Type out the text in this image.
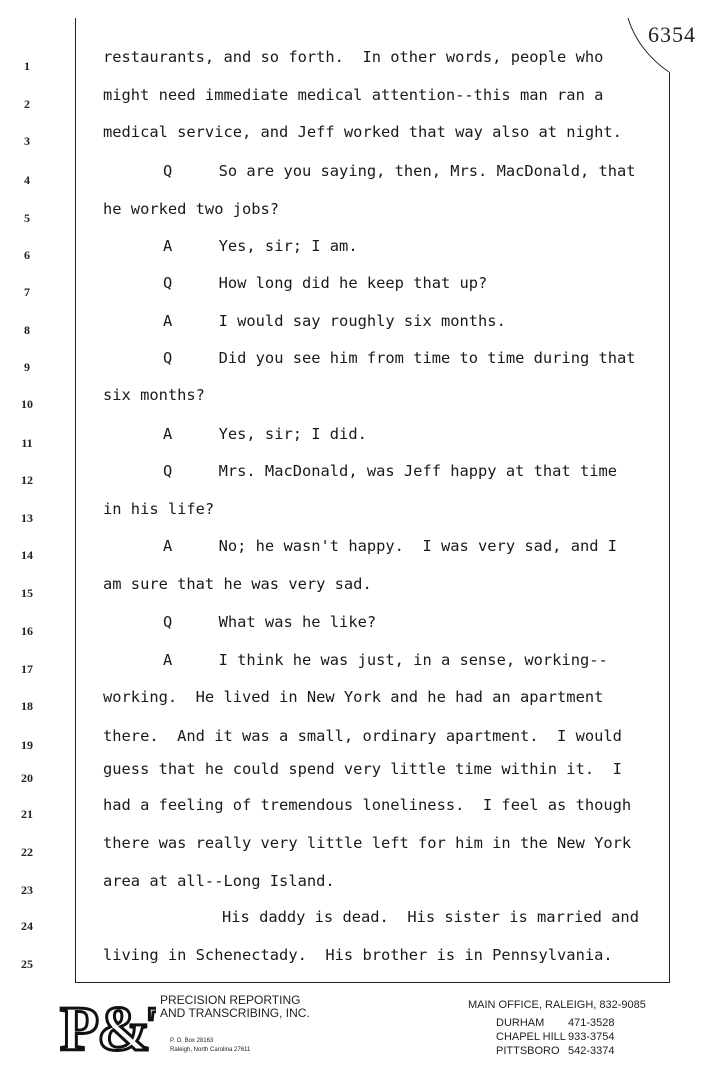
6354
1	restaurants, and so forth.  In other words, people who
2	might need immediate medical attention--this man ran a
3	medical service, and Jeff worked that way also at night.
4	Q     So are you saying, then, Mrs. MacDonald, that
5	he worked two jobs?
6	A     Yes, sir; I am.
7	Q     How long did he keep that up?
8	A     I would say roughly six months.
9	Q     Did you see him from time to time during that
10	six months?
11	A     Yes, sir; I did.
12	Q     Mrs. MacDonald, was Jeff happy at that time
13	in his life?
14	A     No; he wasn't happy.  I was very sad, and I
15	am sure that he was very sad.
16	Q     What was he like?
17	A     I think he was just, in a sense, working--
18	working.  He lived in New York and he had an apartment
19	there.  And it was a small, ordinary apartment.  I would
20	guess that he could spend very little time within it.  I
21	had a feeling of tremendous loneliness.  I feel as though
22	there was really very little left for him in the New York
23	area at all--Long Island.
24	His daddy is dead.  His sister is married and
25	living in Schenectady.  His brother is in Pennsylvania.
P& PRECISION REPORTING
AND TRANSCRIBING, INC.
P. O. Box 28163
Raleigh, North Carolina 27611
MAIN OFFICE, RALEIGH, 832-9085
DURHAM 471-3528
CHAPEL HILL 933-3754
PITTSBORO 542-3374
